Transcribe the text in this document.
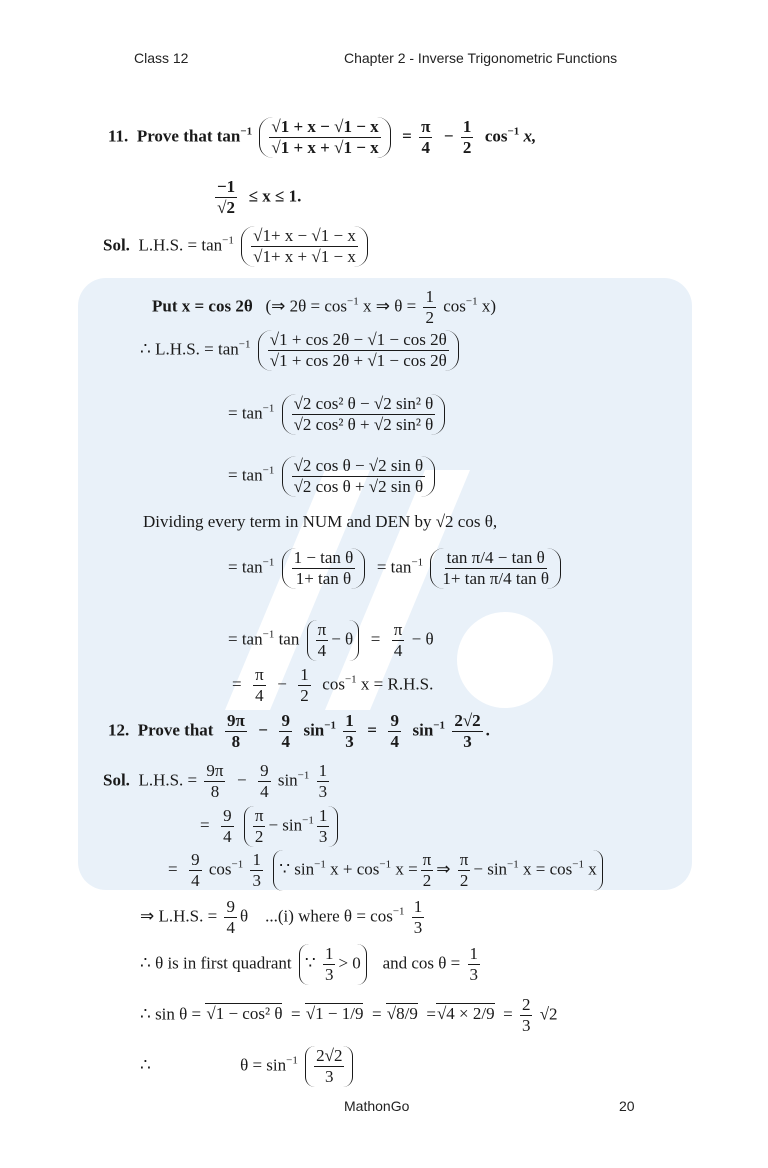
Class 12	Chapter 2 - Inverse Trigonometric Functions
11. Prove that $\tan^{-1} \frac{√1 + x - √1 - x}{√1 + x + √1 - x} = \frac{\pi}{4} - \frac{1}{2} \cos^{-1} x$,
$\frac{-1}{√2} \le x \le 1$.
Sol. L.H.S. = $\tan^{-1} \frac{√1+ x - √1 - x}{√1+ x + √1 - x}$
Put x = cos 2θ (⇒ $2\theta = \cos^{-1} x$ ⇒ $\theta = \frac{1}{2} \cos^{-1} x$)
∴ L.H.S. = $\tan^{-1} \frac{√1 + \cos 2\theta - √1 - \cos 2\theta}{√1 + \cos 2\theta + √1 - \cos 2\theta}$
= $\tan^{-1} \frac{\text{√2 cos² θ − √2 sin² θ}}{\text{√2 cos² θ + √2 sin² θ}}$
= $\tan^{-1} \frac{\text{√2 cos θ − √2 sin θ}}{\text{√2 cos θ + √2 sin θ}}$
Dividing every term in NUM and DEN by √2 cos θ,
= $\tan^{-1} \frac{\text{1 − tan θ}}{\text{1+ tan θ}} = \tan^{-1} \frac{\text{tan π/4 − tan θ}}{\text{1+ tan π/4 tan θ}}$
= $\tan^{-1} \tan \frac{\pi}{4} - \theta = \frac{\pi}{4} - \theta$
= $\frac{\pi}{4} - \frac{1}{2} \cos^{-1} x = R.H.S$.
12. Prove that $\frac{9\pi}{8} - \frac{9}{4} \sin^{-1} \frac{1}{3} = \frac{9}{4} \sin^{-1} \frac{2√2}{3}$ .
Sol. L.H.S. = $\frac{9\pi}{8} - \frac{9}{4} \sin^{-1} \frac{1}{3}$
= $\frac{9}{4}$
$\frac{\pi}{2} - \sin^{-1} \frac{1}{3}$
= $\frac{9}{4} \cos^{-1} \frac{1}{3}$ ∵ $\sin^{-1} x + \cos^{-1} x = \frac{\pi}{2}$ ⇒ $\frac{\pi}{2} - \sin^{-1} x = \cos^{-1} x$
⇒ L.H.S. = $\frac{9}{4}$ θ ...(i) where $\theta = \cos^{-1} \frac{1}{3}$
∴ θ is in first quadrant ∵ $\frac{1}{3} > 0$ and $\cos \theta = \frac{1}{3}$
∴ sin θ = √1 − cos² $\theta = √1 - 1/9 = √8/9 =√4 \times 2/9 = \frac{2}{3} √2$
∴	$\theta = \sin^{-1} \frac{2√2}{3}$
MathonGo	20
